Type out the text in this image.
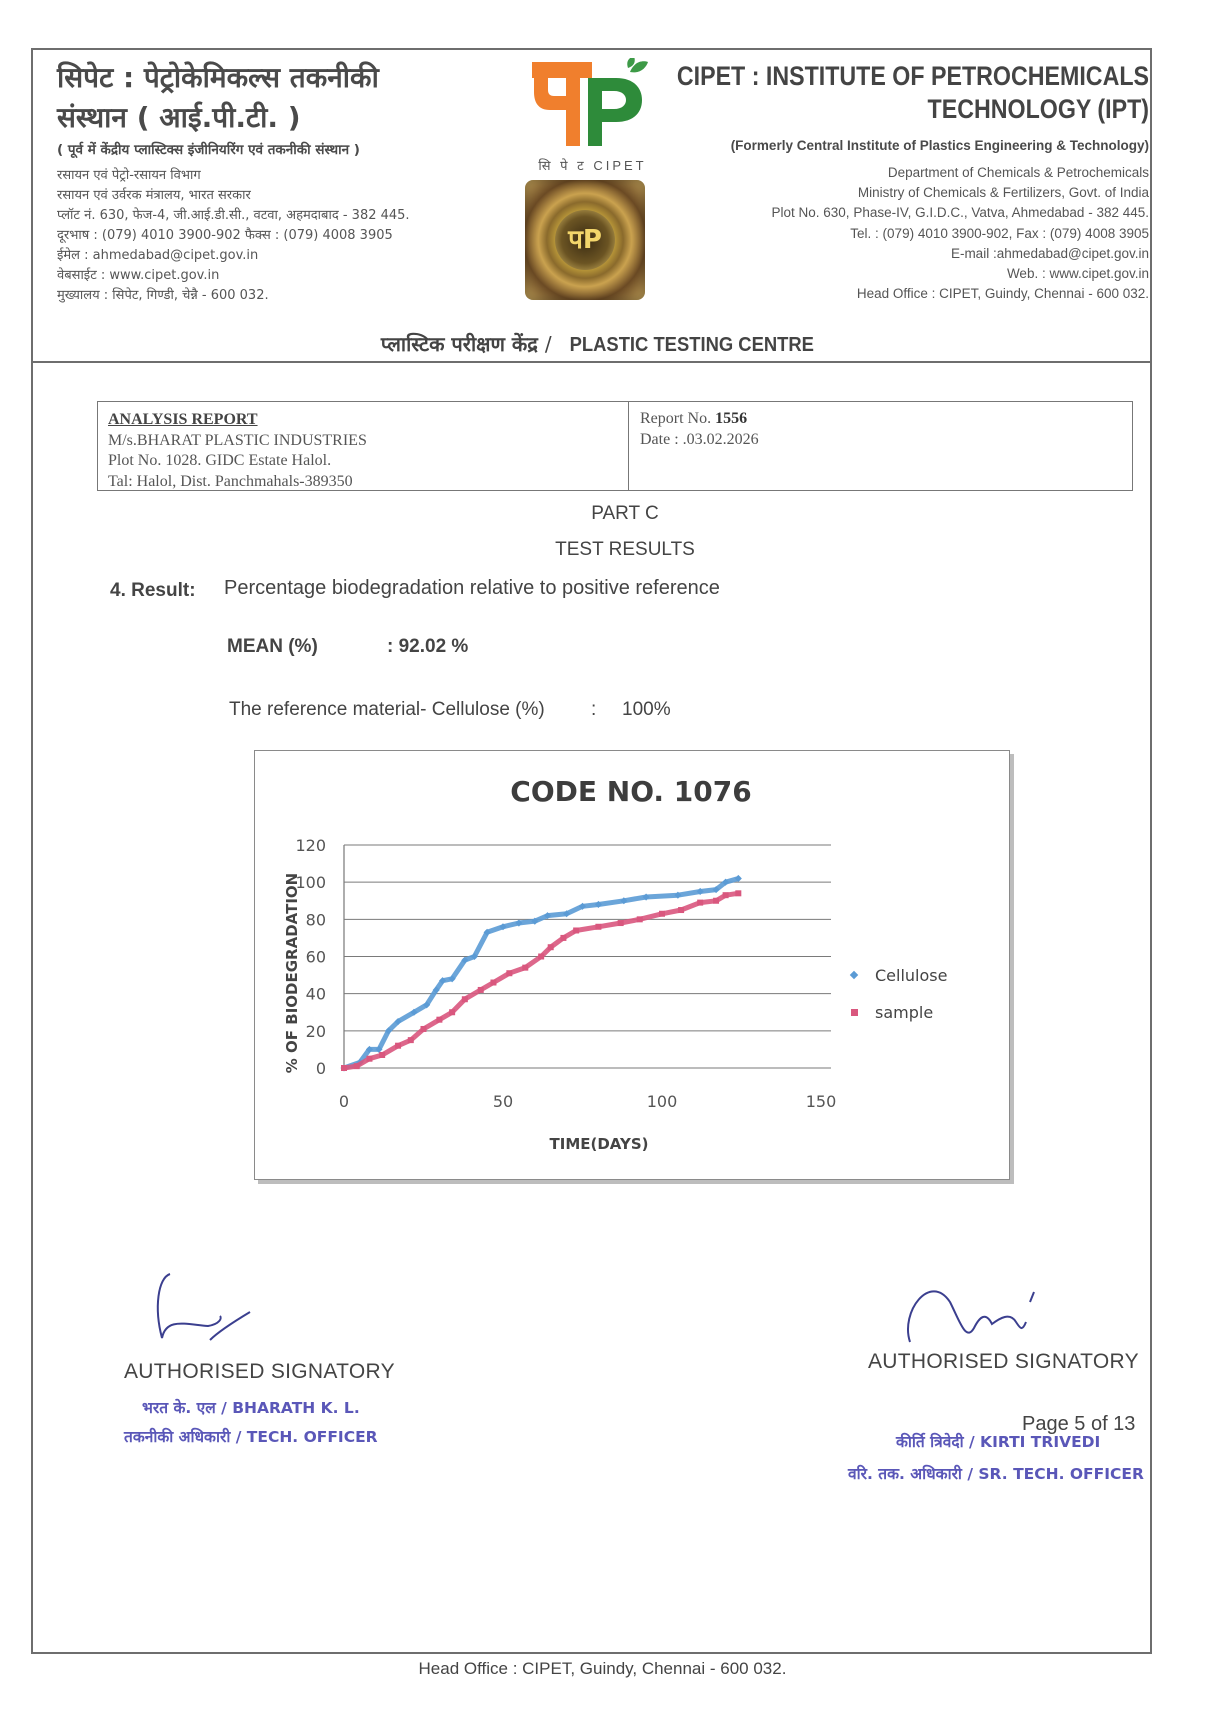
सिपेट : पेट्रोकेमिकल्स तकनीकी
संस्थान ( आई.पी.टी. )
( पूर्व में केंद्रीय प्लास्टिक्स इंजीनियरिंग एवं तकनीकी संस्थान )
रसायन एवं पेट्रो-रसायन विभाग
रसायन एवं उर्वरक मंत्रालय, भारत सरकार
प्लॉट नं. 630, फेज-4, जी.आई.डी.सी., वटवा, अहमदाबाद - 382 445.
दूरभाष : (079) 4010 3900-902 फैक्स : (079) 4008 3905
ईमेल : ahmedabad@cipet.gov.in
वेबसाईट : www.cipet.gov.in
मुख्यालय : सिपेट, गिण्डी, चेन्नै - 600 032.
सि पे ट CIPET
पP
CIPET : INSTITUTE OF PETROCHEMICALS
TECHNOLOGY (IPT)
(Formerly Central Institute of Plastics Engineering & Technology)
Department of Chemicals & Petrochemicals
Ministry of Chemicals & Fertilizers, Govt. of India
Plot No. 630, Phase-IV, G.I.D.C., Vatva, Ahmedabad - 382 445.
Tel. : (079) 4010 3900-902, Fax : (079) 4008 3905
E-mail :ahmedabad@cipet.gov.in
Web. : www.cipet.gov.in
Head Office : CIPET, Guindy, Chennai - 600 032.
प्लास्टिक परीक्षण केंद्र / PLASTIC TESTING CENTRE
ANALYSIS REPORT
M/s.BHARAT PLASTIC INDUSTRIES
Plot No. 1028. GIDC Estate Halol.
Tal: Halol, Dist. Panchmahals-389350
Report No. 1556
Date : .03.02.2026
PART C
TEST RESULTS
4. Result: Percentage biodegradation relative to positive reference
MEAN (%)	: 92.02 %
The reference material- Cellulose (%) : 100%
CODE NO. 1076
0
20
40
60
80
100
120
0	50	100	150
TIME(DAYS)
% OF BIODEGRADATION	Cellulose
sample
AUTHORISED SIGNATORY
भरत के. एल / BHARATH K. L.
तकनीकी अधिकारी / TECH. OFFICER
AUTHORISED SIGNATORY
कीर्ति त्रिवेदी / KIRTI TRIVEDI
वरि. तक. अधिकारी / SR. TECH. OFFICER
Page 5 of 13
Head Office : CIPET, Guindy, Chennai - 600 032.
